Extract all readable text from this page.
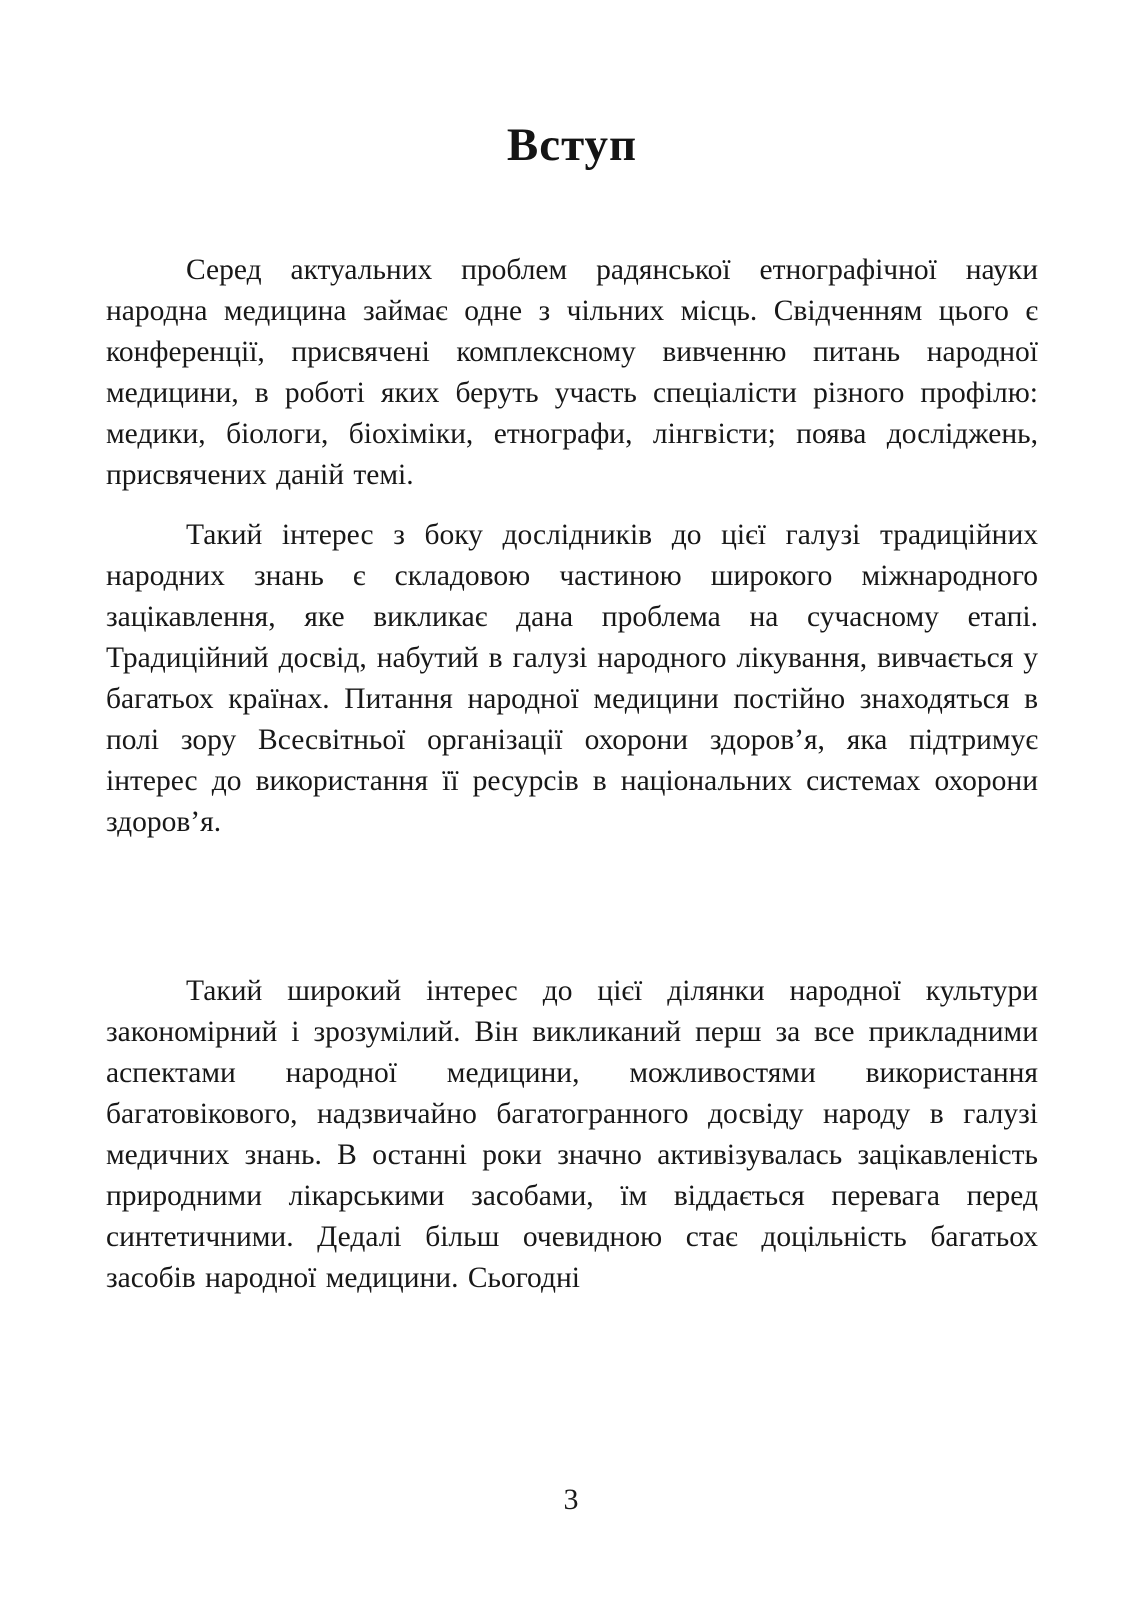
Вступ

Серед актуальних проблем радянської етнографічної науки народна медицина займає одне з чільних місць. Свідченням цього є конференції, присвячені комплексному вивченню питань народної медицини, в роботі яких беруть участь спеціалісти різного профілю: медики, біологи, біохіміки, етнографи, лінгвісти; поява досліджень, присвячених даній темі.

Такий інтерес з боку дослідників до цієї галузі традиційних народних знань є складовою частиною широкого міжнародного зацікавлення, яке викликає дана проблема на сучасному етапі. Традиційний досвід, набутий в галузі народного лікування, вивчається у багатьох країнах. Питання народної медицини постійно знаходяться в полі зору Всесвітньої організації охорони здоров’я, яка підтримує інтерес до використання її ресурсів в національних системах охорони здоров’я.

Такий широкий інтерес до цієї ділянки народної культури закономірний і зрозумілий. Він викликаний перш за все прикладними аспектами народної медицини, можливостями використання багатовікового, надзвичайно багатогранного досвіду народу в галузі медичних знань. В останні роки значно активізувалась зацікавленість природними лікарськими засобами, їм віддається перевага перед синтетичними. Дедалі більш очевидною стає доцільність багатьох засобів народної медицини. Сьогодні

3
